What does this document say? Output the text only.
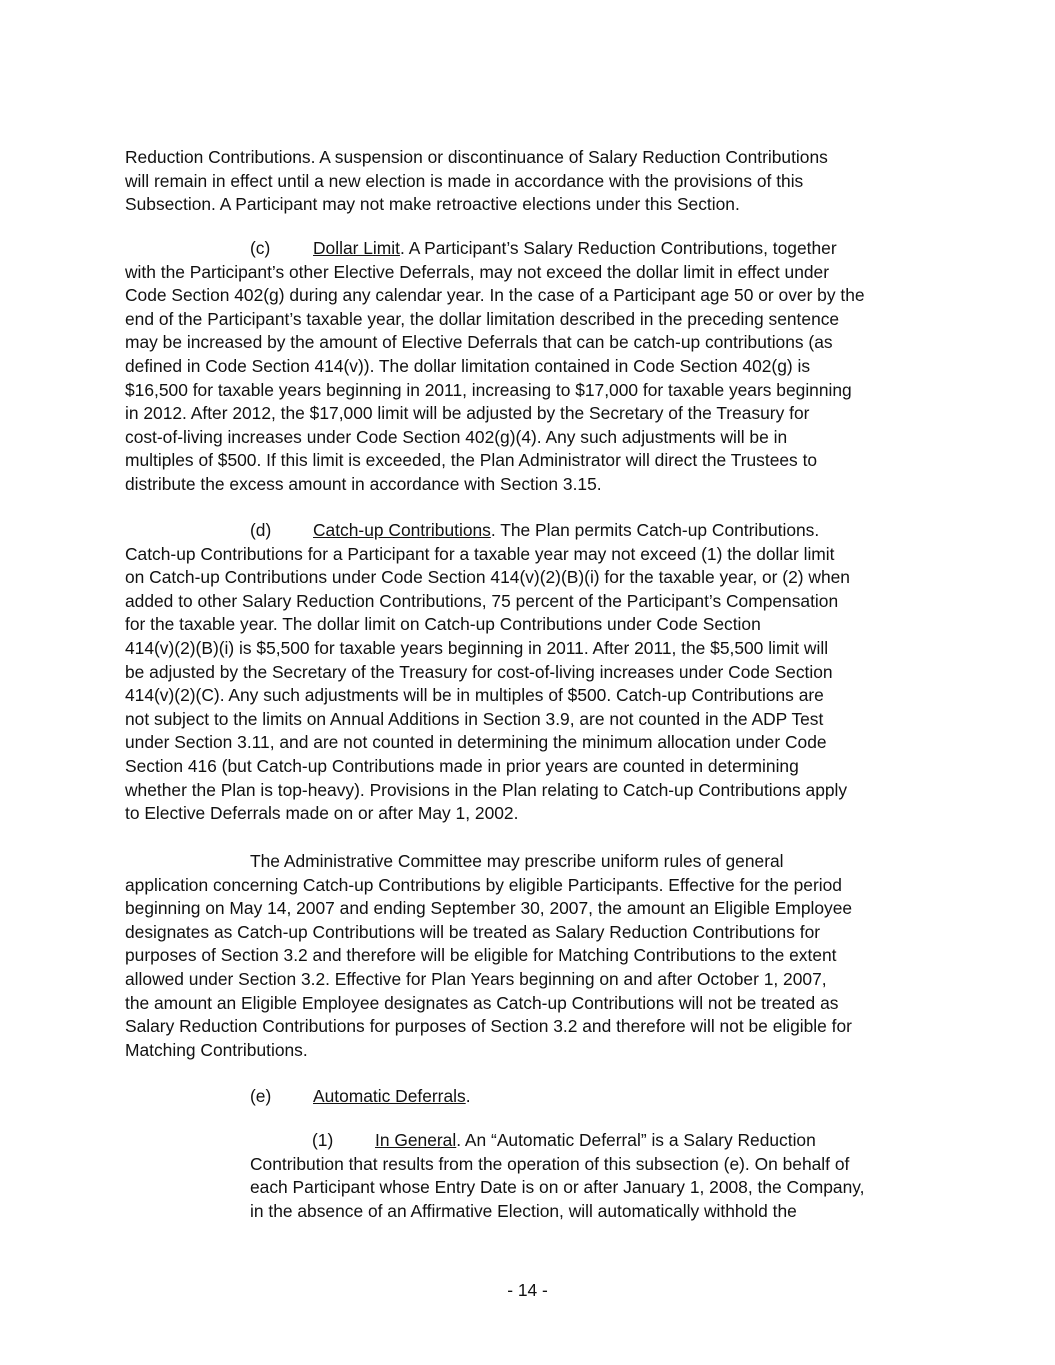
Reduction Contributions. A suspension or discontinuance of Salary Reduction Contributions
will remain in effect until a new election is made in accordance with the provisions of this
Subsection. A Participant may not make retroactive elections under this Section.
(c) Dollar Limit. A Participant’s Salary Reduction Contributions, together
with the Participant’s other Elective Deferrals, may not exceed the dollar limit in effect under
Code Section 402(g) during any calendar year. In the case of a Participant age 50 or over by the
end of the Participant’s taxable year, the dollar limitation described in the preceding sentence
may be increased by the amount of Elective Deferrals that can be catch-up contributions (as
defined in Code Section 414(v)). The dollar limitation contained in Code Section 402(g) is
$16,500 for taxable years beginning in 2011, increasing to $17,000 for taxable years beginning
in 2012. After 2012, the $17,000 limit will be adjusted by the Secretary of the Treasury for
cost-of-living increases under Code Section 402(g)(4). Any such adjustments will be in
multiples of $500. If this limit is exceeded, the Plan Administrator will direct the Trustees to
distribute the excess amount in accordance with Section 3.15.
(d) Catch-up Contributions. The Plan permits Catch-up Contributions.
Catch-up Contributions for a Participant for a taxable year may not exceed (1) the dollar limit
on Catch-up Contributions under Code Section 414(v)(2)(B)(i) for the taxable year, or (2) when
added to other Salary Reduction Contributions, 75 percent of the Participant’s Compensation
for the taxable year. The dollar limit on Catch-up Contributions under Code Section
414(v)(2)(B)(i) is $5,500 for taxable years beginning in 2011. After 2011, the $5,500 limit will
be adjusted by the Secretary of the Treasury for cost-of-living increases under Code Section
414(v)(2)(C). Any such adjustments will be in multiples of $500. Catch-up Contributions are
not subject to the limits on Annual Additions in Section 3.9, are not counted in the ADP Test
under Section 3.11, and are not counted in determining the minimum allocation under Code
Section 416 (but Catch-up Contributions made in prior years are counted in determining
whether the Plan is top-heavy). Provisions in the Plan relating to Catch-up Contributions apply
to Elective Deferrals made on or after May 1, 2002.
The Administrative Committee may prescribe uniform rules of general
application concerning Catch-up Contributions by eligible Participants. Effective for the period
beginning on May 14, 2007 and ending September 30, 2007, the amount an Eligible Employee
designates as Catch-up Contributions will be treated as Salary Reduction Contributions for
purposes of Section 3.2 and therefore will be eligible for Matching Contributions to the extent
allowed under Section 3.2. Effective for Plan Years beginning on and after October 1, 2007,
the amount an Eligible Employee designates as Catch-up Contributions will not be treated as
Salary Reduction Contributions for purposes of Section 3.2 and therefore will not be eligible for
Matching Contributions.
(e) Automatic Deferrals.
(1) In General. An “Automatic Deferral” is a Salary Reduction
Contribution that results from the operation of this subsection (e). On behalf of
each Participant whose Entry Date is on or after January 1, 2008, the Company,
in the absence of an Affirmative Election, will automatically withhold the
- 14 -
